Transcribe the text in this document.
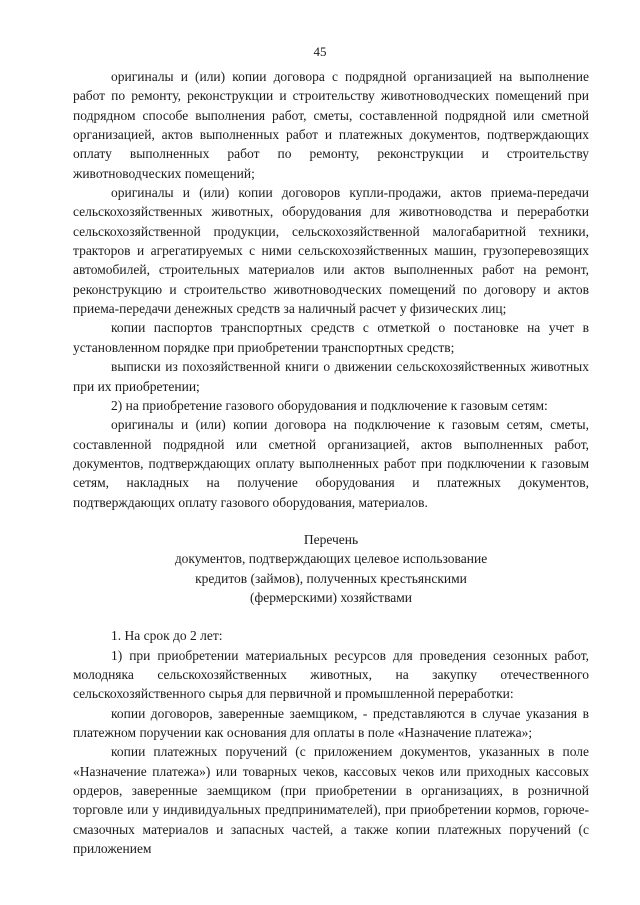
45

оригиналы и (или) копии договора с подрядной организацией на выполнение работ по ремонту, реконструкции и строительству животноводческих помещений при подрядном способе выполнения работ, сметы, составленной подрядной или сметной организацией, актов выполненных работ и платежных документов, подтверждающих оплату выполненных работ по ремонту, реконструкции и строительству животноводческих помещений;

оригиналы и (или) копии договоров купли-продажи, актов приема-передачи сельскохозяйственных животных, оборудования для животноводства и переработки сельскохозяйственной продукции, сельскохозяйственной малогабаритной техники, тракторов и агрегатируемых с ними сельскохозяйственных машин, грузоперевозящих автомобилей, строительных материалов или актов выполненных работ на ремонт, реконструкцию и строительство животноводческих помещений по договору и актов приема-передачи денежных средств за наличный расчет у физических лиц;

копии паспортов транспортных средств с отметкой о постановке на учет в установленном порядке при приобретении транспортных средств;

выписки из похозяйственной книги о движении сельскохозяйственных животных при их приобретении;

2) на приобретение газового оборудования и подключение к газовым сетям:

оригиналы и (или) копии договора на подключение к газовым сетям, сметы, составленной подрядной или сметной организацией, актов выполненных работ, документов, подтверждающих оплату выполненных работ при подключении к газовым сетям, накладных на получение оборудования и платежных документов, подтверждающих оплату газового оборудования, материалов.

Перечень
документов, подтверждающих целевое использование
кредитов (займов), полученных крестьянскими
(фермерскими) хозяйствами

1. На срок до 2 лет:

1) при приобретении материальных ресурсов для проведения сезонных работ, молодняка сельскохозяйственных животных, на закупку отечественного сельскохозяйственного сырья для первичной и промышленной переработки:

копии договоров, заверенные заемщиком, - представляются в случае указания в платежном поручении как основания для оплаты в поле «Назначение платежа»;

копии платежных поручений (с приложением документов, указанных в поле «Назначение платежа») или товарных чеков, кассовых чеков или приходных кассовых ордеров, заверенные заемщиком (при приобретении в организациях, в розничной торговле или у индивидуальных предпринимателей), при приобретении кормов, горюче-смазочных материалов и запасных частей, а также копии платежных поручений (с приложением
